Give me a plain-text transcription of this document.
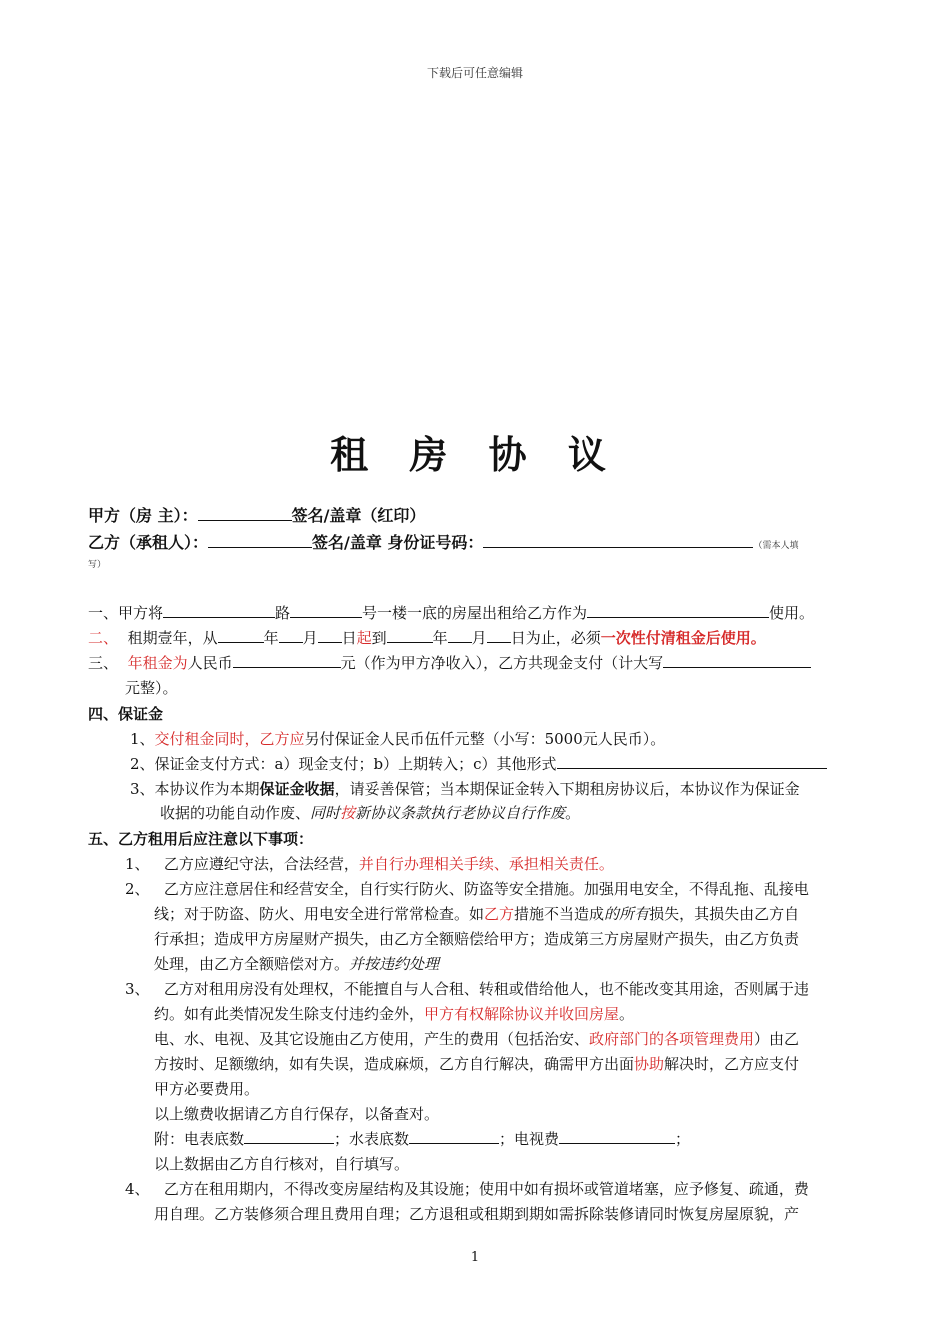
下载后可任意编辑
租 房 协 议
甲方（房 主）：	签名/盖章（红印）
乙方（承租人）：	签名/盖章 身份证号码：	（需本人填
写）
一、甲方将	路	号一楼一底的房屋出租给乙方作为	使用。
二、 租期壹年，从	年 月 日起到	年 月 日为止，必须一次性付清租金后使用。
三、 年租金为人民币	元（作为甲方净收入），乙方共现金支付（计大写
元整）。
四、保证金
1、交付租金同时，乙方应另付保证金人民币伍仟元整（小写：5000元人民币）。
2、保证金支付方式：a）现金支付；b）上期转入；c）其他形式
3、本协议作为本期保证金收据，请妥善保管；当本期保证金转入下期租房协议后，本协议作为保证金
收据的功能自动作废、同时按新协议条款执行老协议自行作废。
五、乙方租用后应注意以下事项：
1、 乙方应遵纪守法，合法经营，并自行办理相关手续、承担相关责任。
2、 乙方应注意居住和经营安全，自行实行防火、防盗等安全措施。加强用电安全，不得乱拖、乱接电
线；对于防盗、防火、用电安全进行常常检查。如乙方措施不当造成的所有损失，其损失由乙方自
行承担；造成甲方房屋财产损失，由乙方全额赔偿给甲方；造成第三方房屋财产损失，由乙方负责
处理，由乙方全额赔偿对方。并按违约处理
3、 乙方对租用房没有处理权，不能擅自与人合租、转租或借给他人，也不能改变其用途，否则属于违
约。如有此类情况发生除支付违约金外，甲方有权解除协议并收回房屋。
电、水、电视、及其它设施由乙方使用，产生的费用（包括治安、政府部门的各项管理费用）由乙
方按时、足额缴纳，如有失误，造成麻烦，乙方自行解决，确需甲方出面协助解决时，乙方应支付
甲方必要费用。
以上缴费收据请乙方自行保存，以备查对。
附：电表底数	；水表底数	；电视费	；
以上数据由乙方自行核对，自行填写。
4、 乙方在租用期内，不得改变房屋结构及其设施；使用中如有损坏或管道堵塞，应予修复、疏通，费
用自理。乙方装修须合理且费用自理；乙方退租或租期到期如需拆除装修请同时恢复房屋原貌，产
1
